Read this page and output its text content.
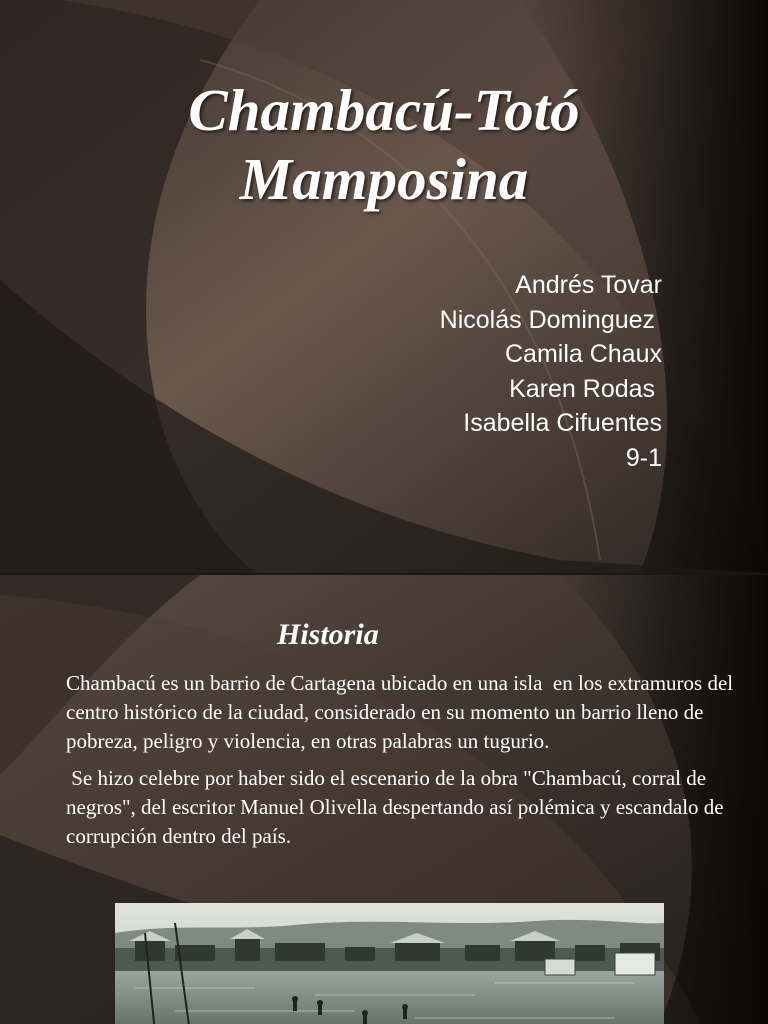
Chambacú-Totó
Mamposina
Andrés Tovar
Nicolás Dominguez
Camila Chaux
Karen Rodas
Isabella Cifuentes
9-1
Historia

Chambacú es un barrio de Cartagena ubicado en una isla  en los extramuros del centro histórico de la ciudad, considerado en su momento un barrio lleno de pobreza, peligro y violencia, en otras palabras un tugurio.

Se hizo celebre por haber sido el escenario de la obra "Chambacú, corral de negros", del escritor Manuel Olivella despertando así polémica y escandalo de corrupción dentro del país.
